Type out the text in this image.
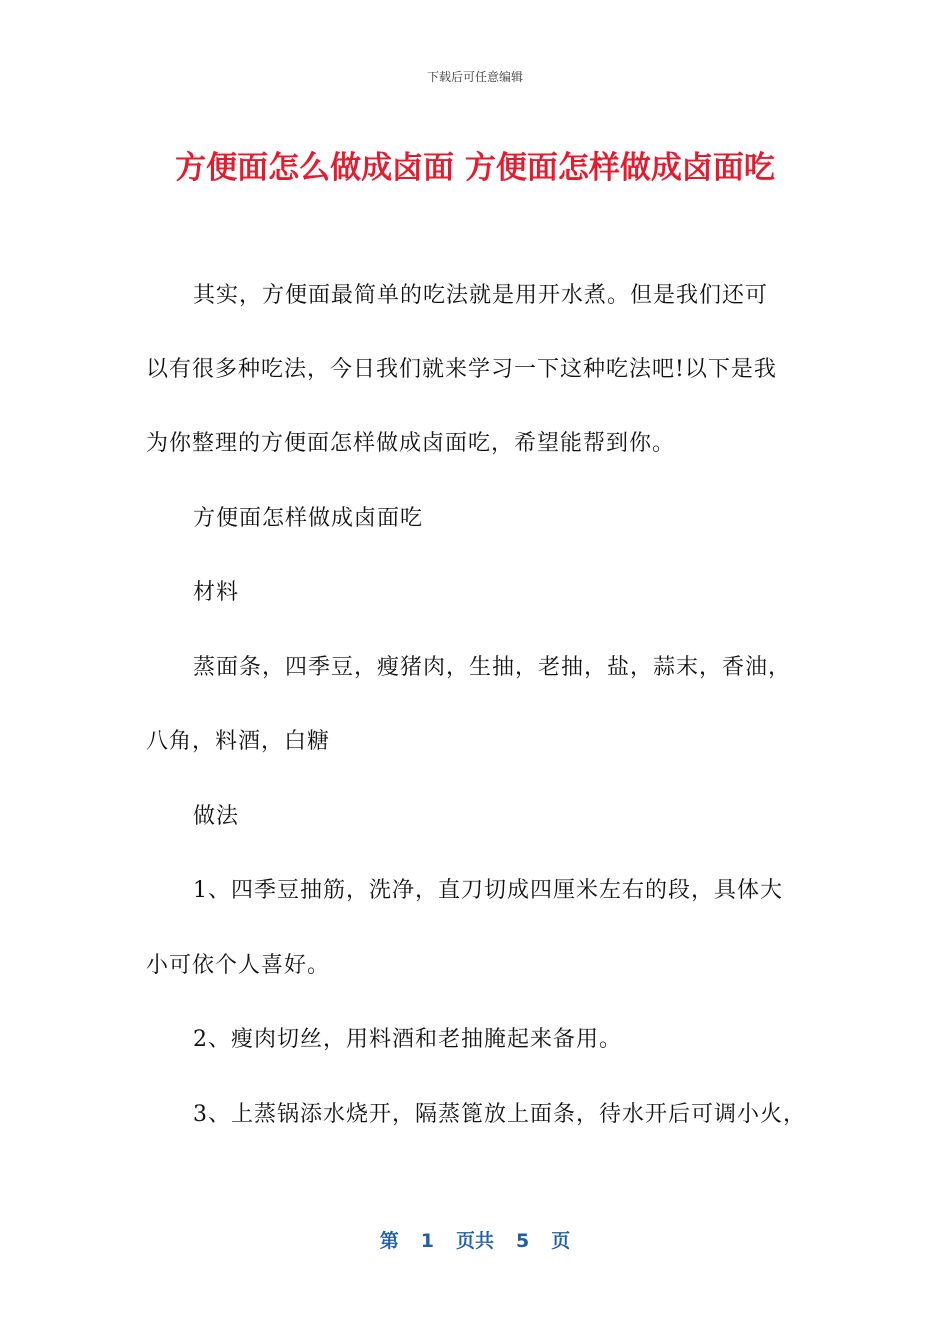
下载后可任意编辑
方便面怎么做成卤面 方便面怎样做成卤面吃
其实，方便面最简单的吃法就是用开水煮。但是我们还可
以有很多种吃法，今日我们就来学习一下这种吃法吧!以下是我
为你整理的方便面怎样做成卤面吃，希望能帮到你。
方便面怎样做成卤面吃
材料
蒸面条，四季豆，瘦猪肉，生抽，老抽，盐，蒜末，香油，
八角，料酒，白糖
做法
1、四季豆抽筋，洗净，直刀切成四厘米左右的段，具体大
小可依个人喜好。
2、瘦肉切丝，用料酒和老抽腌起来备用。
3、上蒸锅添水烧开，隔蒸篦放上面条，待水开后可调小火，
第 1 页共 5 页
